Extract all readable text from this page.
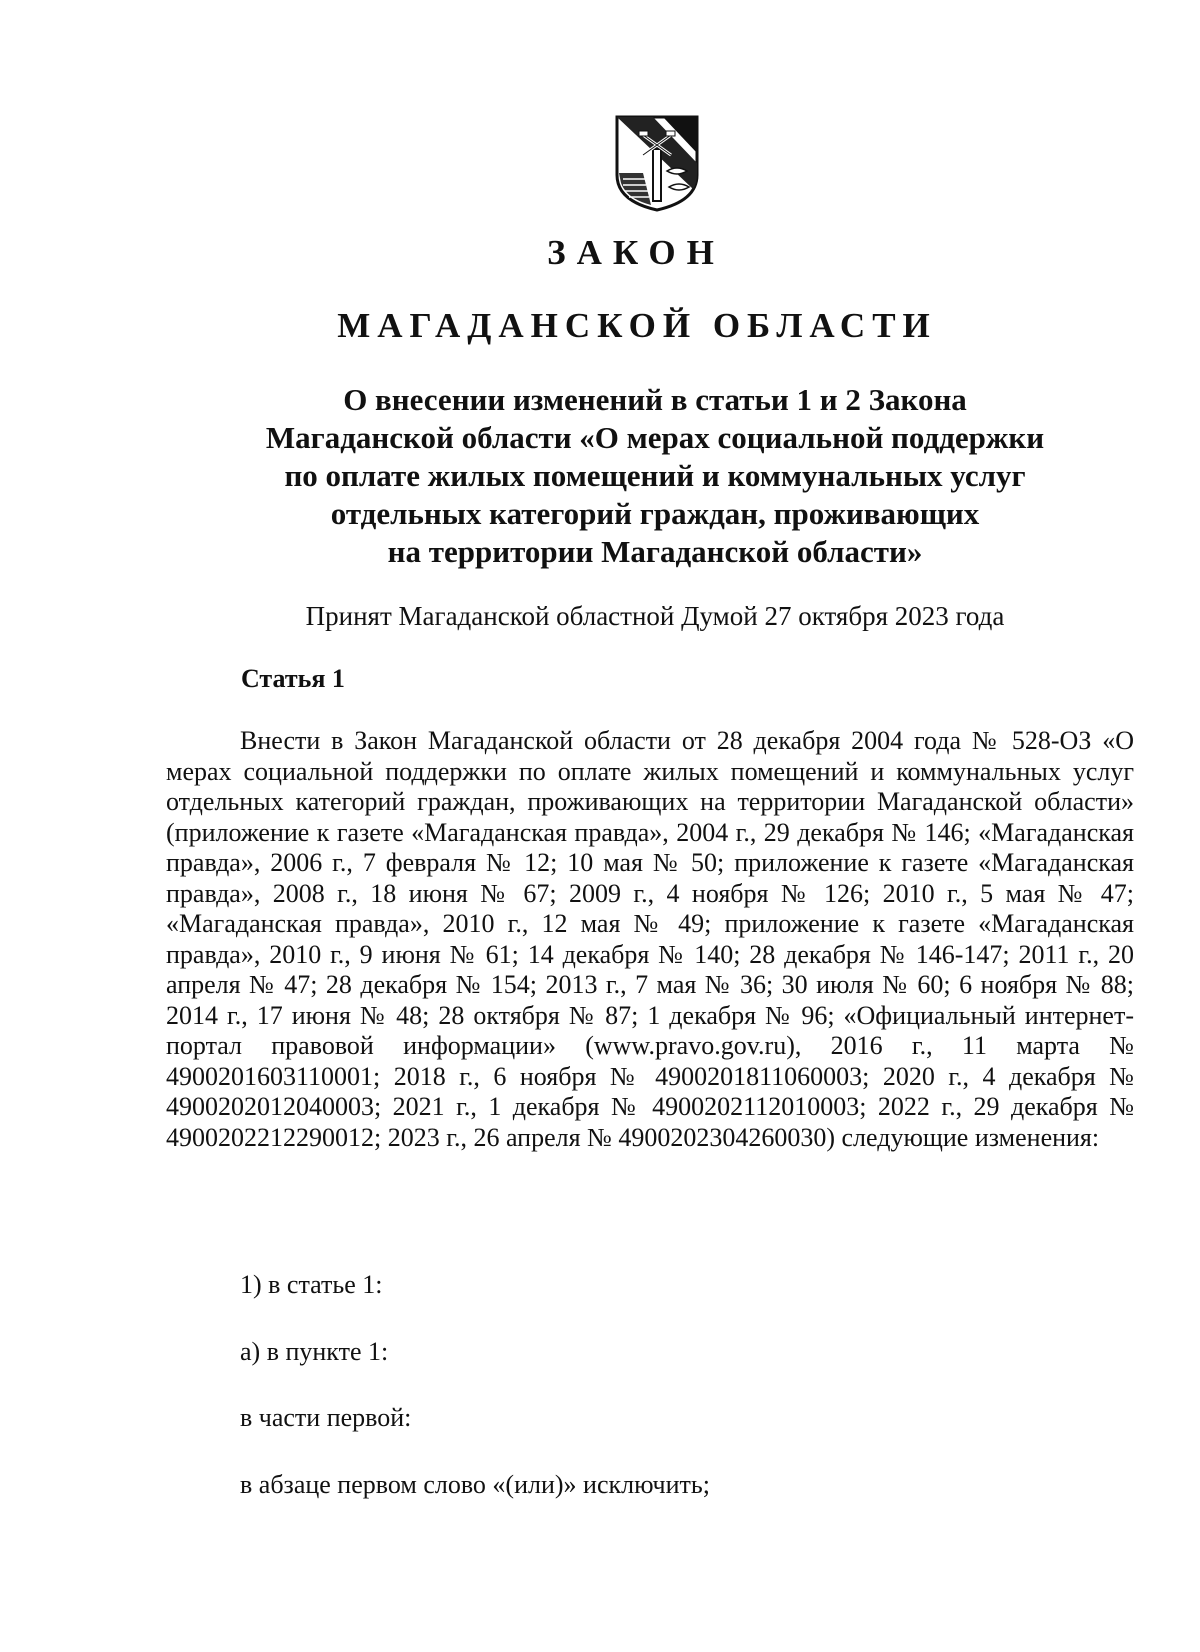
ЗАКОН
МАГАДАНСКОЙ ОБЛАСТИ
О внесении изменений в статьи 1 и 2 Закона
Магаданской области «О мерах социальной поддержки
по оплате жилых помещений и коммунальных услуг
отдельных категорий граждан, проживающих
на территории Магаданской области»
Принят Магаданской областной Думой 27 октября 2023 года
Статья 1

Внести в Закон Магаданской области от 28 декабря 2004 года № 528-ОЗ «О мерах социальной поддержки по оплате жилых помещений и коммунальных услуг отдельных категорий граждан, проживающих на территории Магаданской области» (приложение к газете «Магаданская правда», 2004 г., 29 декабря № 146; «Магаданская правда», 2006 г., 7 февраля № 12; 10 мая № 50; приложение к газете «Магаданская правда», 2008 г., 18 июня № 67; 2009 г., 4 ноября № 126; 2010 г., 5 мая № 47; «Магаданская правда», 2010 г., 12 мая № 49; приложение к газете «Магаданская правда», 2010 г., 9 июня № 61; 14 декабря № 140; 28 декабря № 146-147; 2011 г., 20 апреля № 47; 28 декабря № 154; 2013 г., 7 мая № 36; 30 июля № 60; 6 ноября № 88; 2014 г., 17 июня № 48; 28 октября № 87; 1 декабря № 96; «Официальный интернет-портал правовой информации» (www.pravo.gov.ru), 2016 г., 11 марта № 4900201603110001; 2018 г., 6 ноября № 4900201811060003; 2020 г., 4 декабря № 4900202012040003; 2021 г., 1 декабря № 4900202112010003; 2022 г., 29 декабря № 4900202212290012; 2023 г., 26 апреля № 4900202304260030) следующие изменения:

1) в статье 1:
а) в пункте 1:
в части первой:
в абзаце первом слово «(или)» исключить;
